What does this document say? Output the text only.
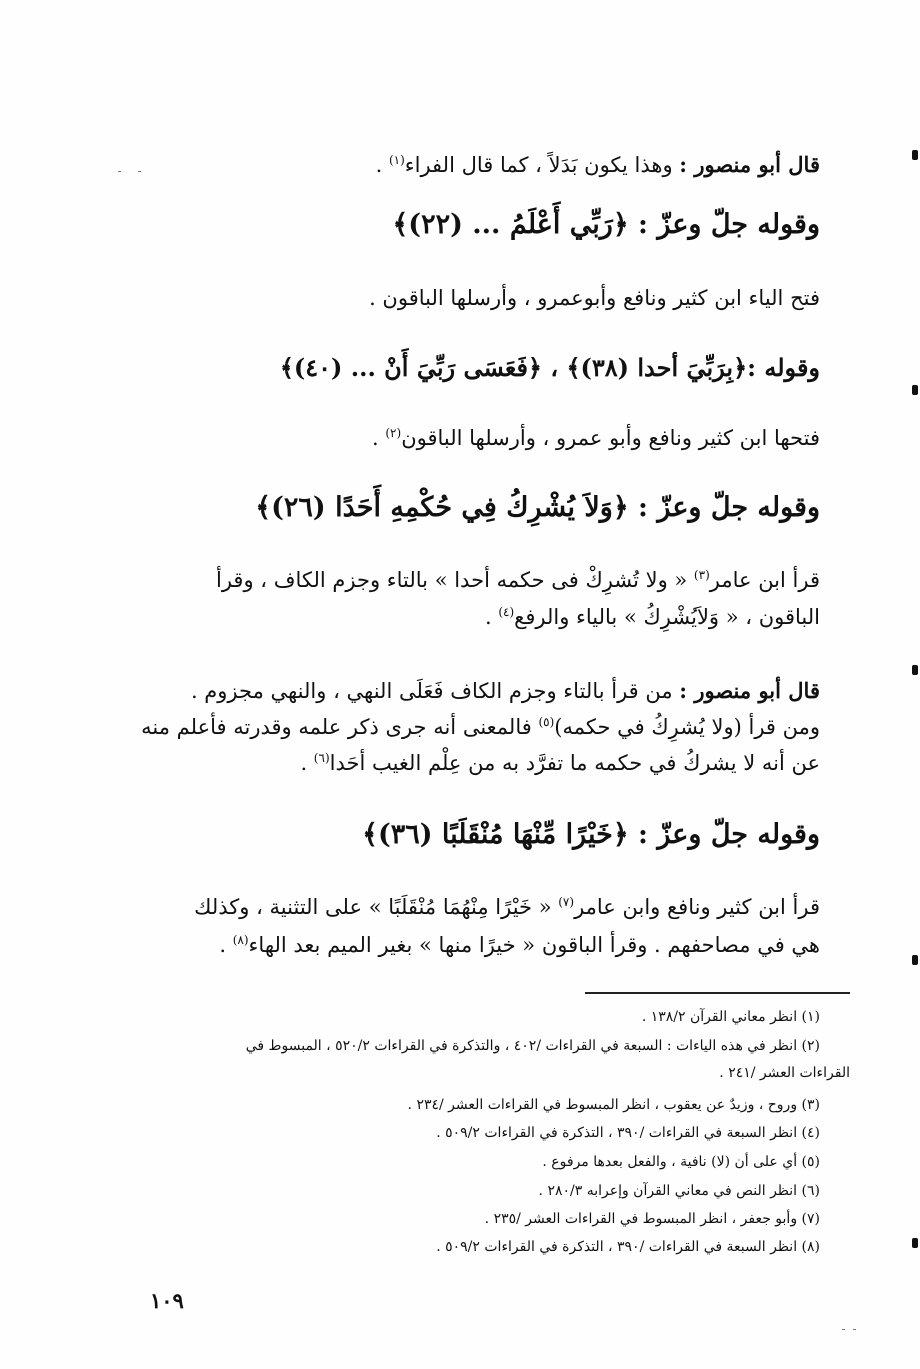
قال أبو منصور : وهذا يكون بَدَلاً ، كما قال الفراء$^{(١)}$ .
وقوله جلّ وعزّ : ﴿رَبِّي أَعْلَمُ ... (٢٢)﴾
فتح الياء ابن كثير ونافع وأبوعمرو ، وأرسلها الباقون .
وقوله :﴿بِرَبِّيَ أحدا (٣٨)﴾ ، ﴿فَعَسَى رَبِّيَ أَنْ ... (٤٠)﴾
فتحها ابن كثير ونافع وأبو عمرو ، وأرسلها الباقون$^{(٢)}$ .
وقوله جلّ وعزّ : ﴿وَلاَ يُشْرِكُ فِي حُكْمِهِ أَحَدًا (٢٦)﴾
قرأ ابن عامر$^{(٣)}$ « ولا تُشرِكْ فى حكمه أحدا » بالتاء وجزم الكاف ، وقرأ
الباقون ، « وَلاَيُشْرِكُ » بالياء والرفع$^{(٤)}$ .
قال أبو منصور : من قرأ بالتاء وجزم الكاف فَعَلَى النهي ، والنهي مجزوم .
ومن قرأ (ولا يُشرِكُ في حكمه)$^{(٥)}$ فالمعنى أنه جرى ذكر علمه وقدرته فأعلم منه
عن أنه لا يشركُ في حكمه ما تفرَّد به من عِلْم الغيب أحَدا$^{(٦)}$ .
وقوله جلّ وعزّ : ﴿خَيْرًا مِّنْهَا مُنْقَلَبًا (٣٦)﴾
قرأ ابن كثير ونافع وابن عامر$^{(٧)}$ « خَيْرًا مِنْهُمَا مُنْقَلَبًا » على التثنية ، وكذلك
هي في مصاحفهم . وقرأ الباقون « خيرًا منها » بغير الميم بعد الهاء$^{(٨)}$ .
(١) انظر معاني القرآن ١٣٨/٢ .
(٢) انظر في هذه الياءات : السبعة في القراءات /٤٠٢ ، والتذكرة في القراءات ٥٢٠/٢ ، المبسوط في
القراءات العشر /٢٤١ .
(٣) وروح ، وزيدٌ عن يعقوب ، انظر المبسوط في القراءات العشر /٢٣٤ .
(٤) انظر السبعة في القراءات /٣٩٠ ، التذكرة في القراءات ٥٠٩/٢ .
(٥) أي على أن (لا) نافية ، والفعل بعدها مرفوع .
(٦) انظر النص في معاني القرآن وإعرابه ٢٨٠/٣ .
(٧) وأبو جعفر ، انظر المبسوط في القراءات العشر /٢٣٥ .
(٨) انظر السبعة في القراءات /٣٩٠ ، التذكرة في القراءات ٥٠٩/٢ .
١٠٩
